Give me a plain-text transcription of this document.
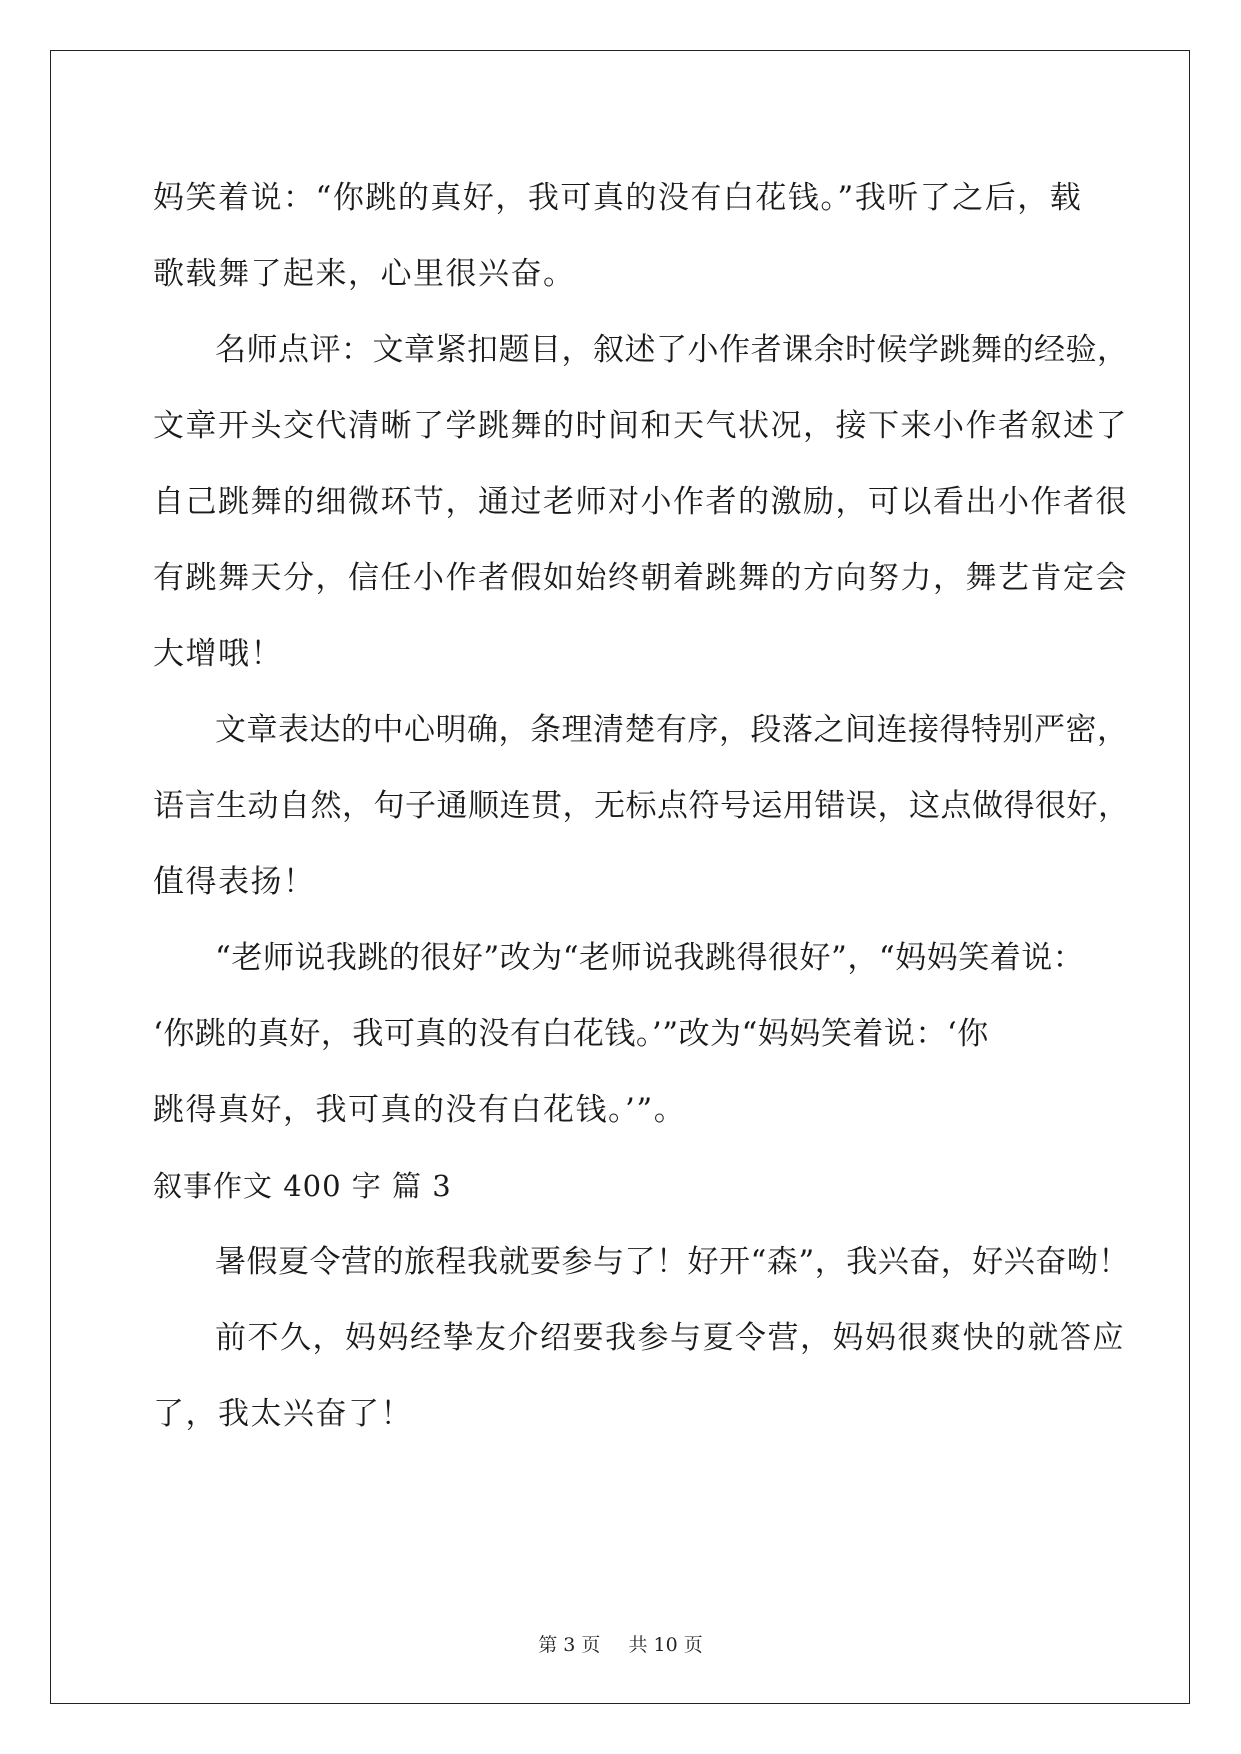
妈笑着说：“你跳的真好，我可真的没有白花钱。”我听了之后，载
歌载舞了起来，心里很兴奋。
名师点评：文章紧扣题目，叙述了小作者课余时候学跳舞的经验，
文章开头交代清晰了学跳舞的时间和天气状况，接下来小作者叙述了
自己跳舞的细微环节，通过老师对小作者的激励，可以看出小作者很
有跳舞天分，信任小作者假如始终朝着跳舞的方向努力，舞艺肯定会
大增哦！
文章表达的中心明确，条理清楚有序，段落之间连接得特别严密，
语言生动自然，句子通顺连贯，无标点符号运用错误，这点做得很好，
值得表扬！
“老师说我跳的很好”改为“老师说我跳得很好”，“妈妈笑着说：
‘你跳的真好，我可真的没有白花钱。’”改为“妈妈笑着说：‘你
跳得真好，我可真的没有白花钱。’”。
叙事作文 400 字 篇 3
暑假夏令营的旅程我就要参与了！好开“森”，我兴奋，好兴奋呦！
前不久，妈妈经挚友介绍要我参与夏令营，妈妈很爽快的就答应
了，我太兴奋了！
第 3 页 共 10 页
